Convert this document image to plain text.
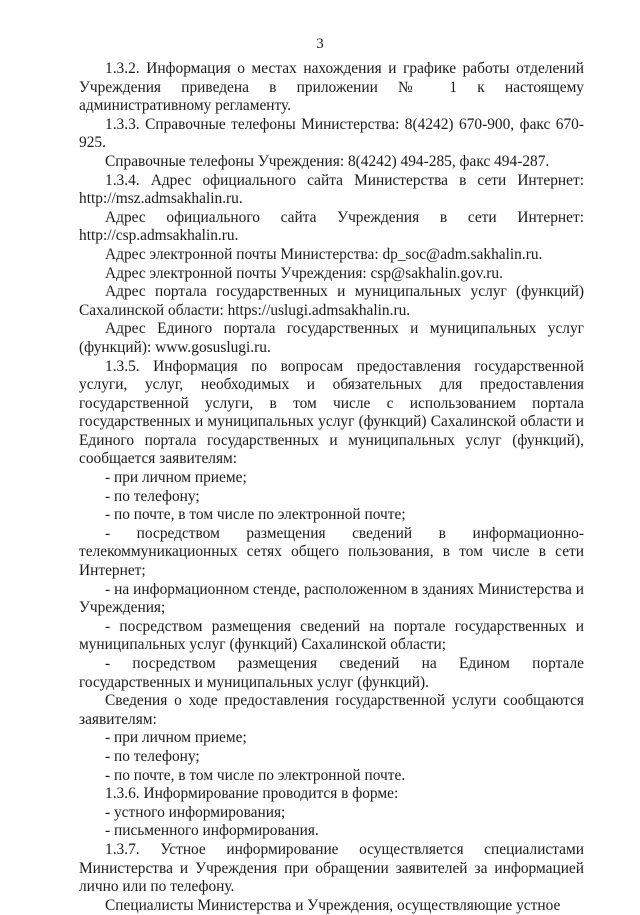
3

1.3.2. Информация о местах нахождения и графике работы отделений Учреждения приведена в приложении № 1 к настоящему административному регламенту.

1.3.3. Справочные телефоны Министерства: 8(4242) 670-900, факс 670-925.

Справочные телефоны Учреждения: 8(4242) 494-285, факс 494-287.

1.3.4. Адрес официального сайта Министерства в сети Интернет: http://msz.admsakhalin.ru.

Адрес официального сайта Учреждения в сети Интернет: http://csp.admsakhalin.ru.

Адрес электронной почты Министерства: dp_soc@adm.sakhalin.ru.

Адрес электронной почты Учреждения: csp@sakhalin.gov.ru.

Адрес портала государственных и муниципальных услуг (функций) Сахалинской области: https://uslugi.admsakhalin.ru.

Адрес Единого портала государственных и муниципальных услуг (функций): www.gosuslugi.ru.

1.3.5. Информация по вопросам предоставления государственной услуги, услуг, необходимых и обязательных для предоставления государственной услуги, в том числе с использованием портала государственных и муниципальных услуг (функций) Сахалинской области и Единого портала государственных и муниципальных услуг (функций), сообщается заявителям:

- при личном приеме;

- по телефону;

- по почте, в том числе по электронной почте;

- посредством размещения сведений в информационно-телекоммуникационных сетях общего пользования, в том числе в сети Интернет;

- на информационном стенде, расположенном в зданиях Министерства и Учреждения;

- посредством размещения сведений на портале государственных и муниципальных услуг (функций) Сахалинской области;

- посредством размещения сведений на Едином портале государственных и муниципальных услуг (функций).

Сведения о ходе предоставления государственной услуги сообщаются заявителям:

- при личном приеме;

- по телефону;

- по почте, в том числе по электронной почте.

1.3.6. Информирование проводится в форме:

- устного информирования;

- письменного информирования.

1.3.7. Устное информирование осуществляется специалистами Министерства и Учреждения при обращении заявителей за информацией лично или по телефону.

Специалисты Министерства и Учреждения, осуществляющие устное
